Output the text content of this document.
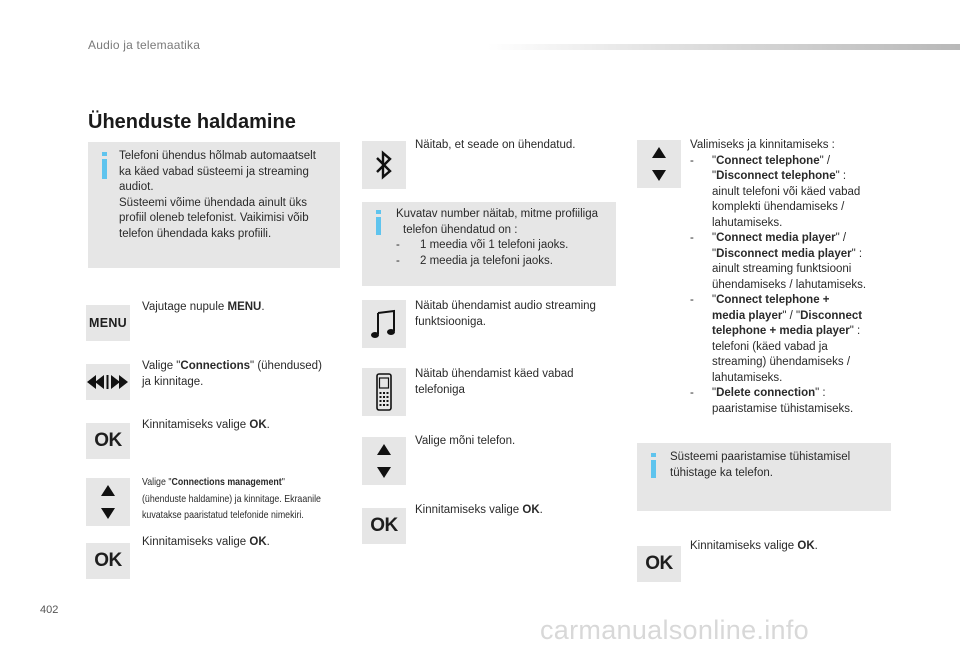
Audio ja telemaatika
Ühenduste haldamine
Telefoni ühendus hõlmab automaatselt
ka käed vabad süsteemi ja streaming
audiot.
Süsteemi võime ühendada ainult üks
profiil oleneb telefonist. Vaikimisi võib
telefon ühendada kaks profiili.
MENU
Vajutage nupule MENU.
Valige "Connections" (ühendused)
ja kinnitage.
OK
Kinnitamiseks valige OK.
Valige "Connections management"
(ühenduste haldamine) ja kinnitage. Ekraanile
kuvatakse paaristatud telefonide nimekiri.
OK
Kinnitamiseks valige OK.
Näitab, et seade on ühendatud.
Kuvatav number näitab, mitme profiiliga
telefon ühendatud on :
-	1 meedia või 1 telefoni jaoks.
-	2 meedia ja telefoni jaoks.
Näitab ühendamist audio streaming
funktsiooniga.
Näitab ühendamist käed vabad
telefoniga
Valige mõni telefon.
OK
Kinnitamiseks valige OK.
Valimiseks ja kinnitamiseks :
-	"Connect telephone" /
"Disconnect telephone" :
ainult telefoni või käed vabad
komplekti ühendamiseks /
lahutamiseks.
-	"Connect media player" /
"Disconnect media player" :
ainult streaming funktsiooni
ühendamiseks / lahutamiseks.
-	"Connect telephone +
media player" / "Disconnect
telephone + media player" :
telefoni (käed vabad ja
streaming) ühendamiseks /
lahutamiseks.
-	"Delete connection" :
paaristamise tühistamiseks.
Süsteemi paaristamise tühistamisel
tühistage ka telefon.
OK
Kinnitamiseks valige OK.
402
carmanualsonline.info
